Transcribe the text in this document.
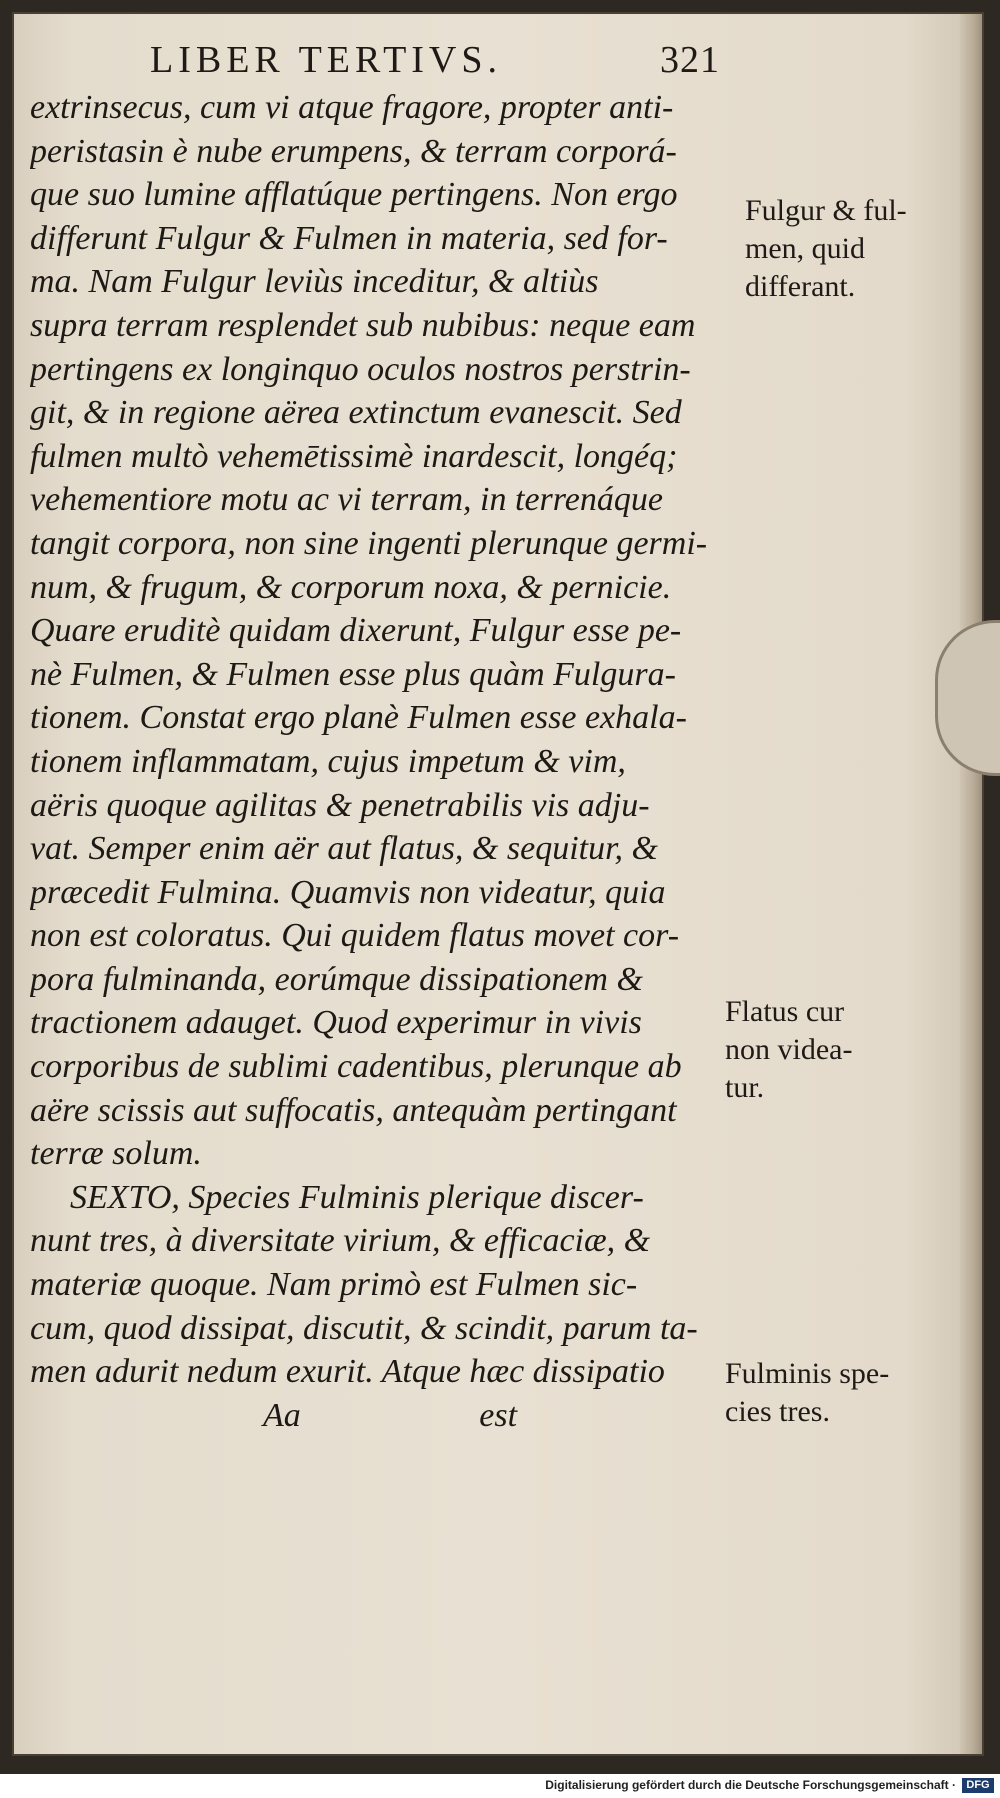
LIBER TERTIVS.	321
extrinsecus, cum vi atque fragore, propter anti-
peristasin è nube erumpens, & terram corporá-
que suo lumine afflatúque pertingens. Non ergo
differunt Fulgur & Fulmen in materia, sed for-
ma. Nam Fulgur leviùs inceditur, & altiùs
supra terram resplendet sub nubibus: neque eam
pertingens ex longinquo oculos nostros perstrin-
git, & in regione aërea extinctum evanescit. Sed
fulmen multò vehemētissimè inardescit, longéq;
vehementiore motu ac vi terram, in terrenáque
tangit corpora, non sine ingenti plerunque germi-
num, & frugum, & corporum noxa, & pernicie.
Quare eruditè quidam dixerunt, Fulgur esse pe-
nè Fulmen, & Fulmen esse plus quàm Fulgura-
tionem. Constat ergo planè Fulmen esse exhala-
tionem inflammatam, cujus impetum & vim,
aëris quoque agilitas & penetrabilis vis adju-
vat. Semper enim aër aut flatus, & sequitur, &
præcedit Fulmina. Quamvis non videatur, quia
non est coloratus. Qui quidem flatus movet cor-
pora fulminanda, eorúmque dissipationem &
tractionem adauget. Quod experimur in vivis
corporibus de sublimi cadentibus, plerunque ab
aëre scissis aut suffocatis, antequàm pertingant
terræ solum.
SEXTO, Species Fulminis plerique discer-
nunt tres, à diversitate virium, & efficaciæ, &
materiæ quoque. Nam primò est Fulmen sic-
cum, quod dissipat, discutit, & scindit, parum ta-
men adurit nedum exurit. Atque hæc dissipatio
Aa	est
Fulgur & ful-
men, quid
differant.
Flatus cur
non videa-
tur.
Fulminis spe-
cies tres.
Digitalisierung gefördert durch die Deutsche Forschungsgemeinschaft · DFG
